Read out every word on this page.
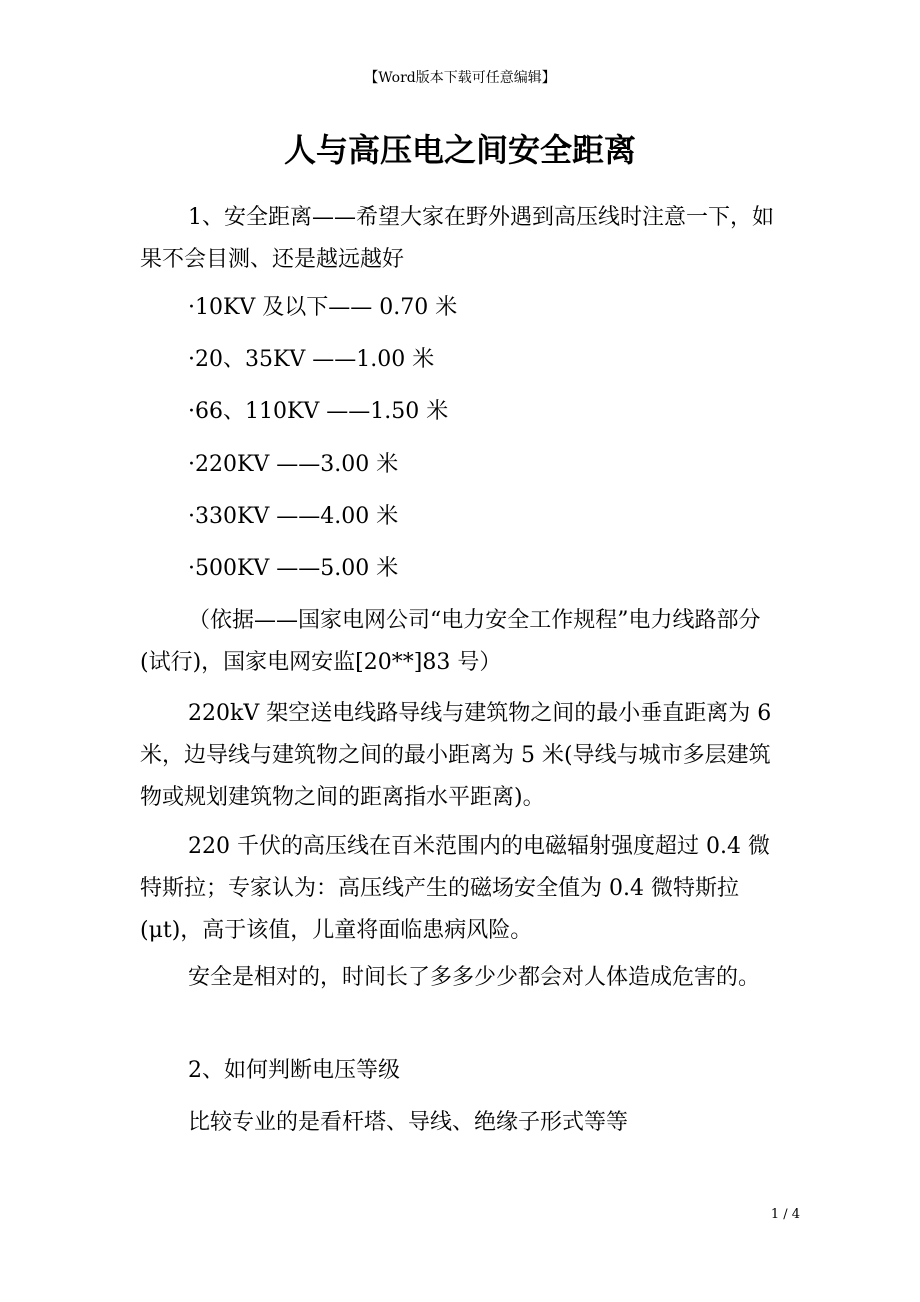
【Word版本下载可任意编辑】
人与高压电之间安全距离

1、安全距离——希望大家在野外遇到高压线时注意一下，如果不会目测、还是越远越好

·10KV 及以下—— 0.70 米
·20、35KV ——1.00 米
·66、110KV ——1.50 米
·220KV ——3.00 米
·330KV ——4.00 米
·500KV ——5.00 米

（依据——国家电网公司“电力安全工作规程”电力线路部分(试行)，国家电网安监[20**]83 号）

220kV 架空送电线路导线与建筑物之间的最小垂直距离为 6 米，边导线与建筑物之间的最小距离为 5 米(导线与城市多层建筑物或规划建筑物之间的距离指水平距离)。

220 千伏的高压线在百米范围内的电磁辐射强度超过 0.4 微特斯拉；专家认为：高压线产生的磁场安全值为 0.4 微特斯拉(μt)，高于该值，儿童将面临患病风险。

安全是相对的，时间长了多多少少都会对人体造成危害的。

2、如何判断电压等级

比较专业的是看杆塔、导线、绝缘子形式等等

1 / 4
